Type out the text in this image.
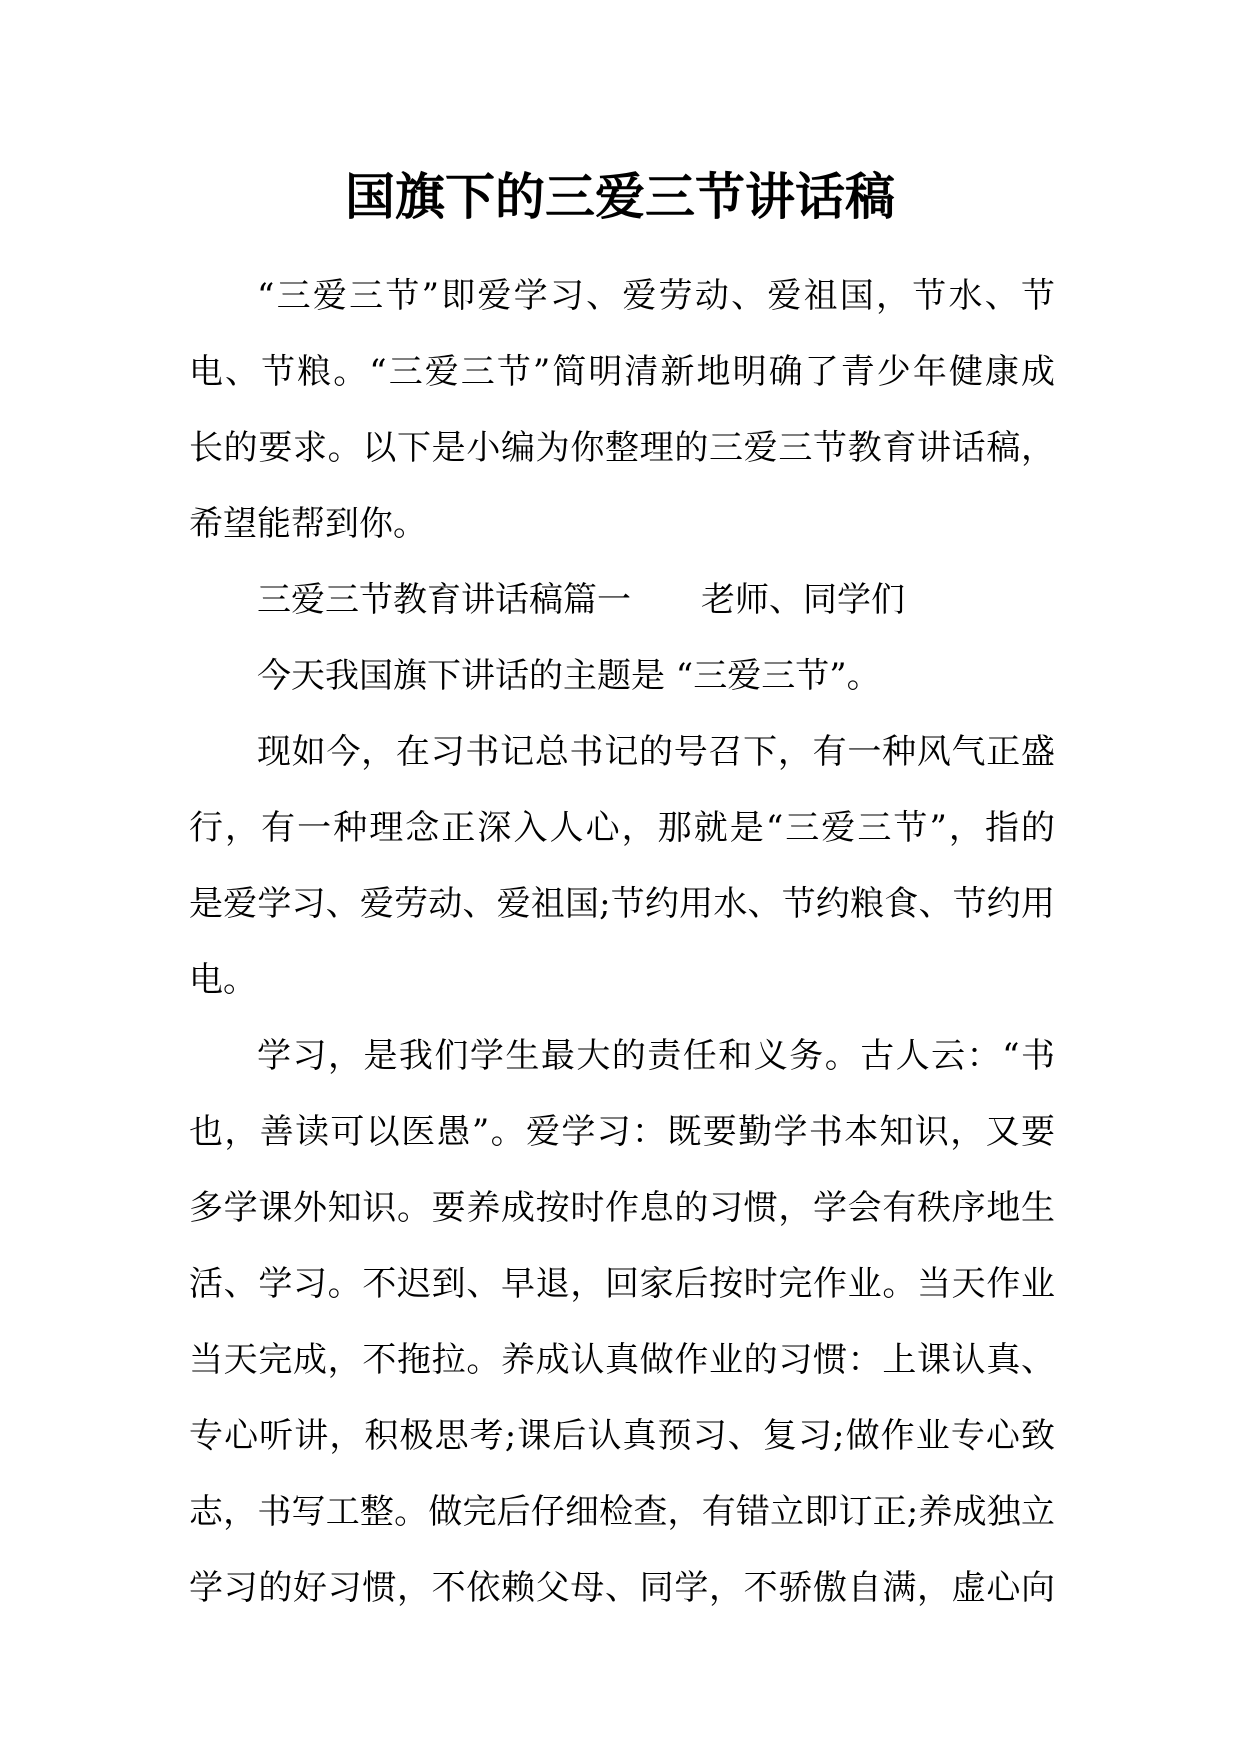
国旗下的三爱三节讲话稿
“三爱三节”即爱学习、爱劳动、爱祖国，节水、节
电、节粮。“三爱三节”简明清新地明确了青少年健康成
长的要求。以下是小编为你整理的三爱三节教育讲话稿，
希望能帮到你。
三爱三节教育讲话稿篇一 老师、同学们
今天我国旗下讲话的主题是 “三爱三节”。
现如今，在习书记总书记的号召下，有一种风气正盛
行，有一种理念正深入人心，那就是“三爱三节”，指的
是爱学习、爱劳动、爱祖国;节约用水、节约粮食、节约用
电。
学习，是我们学生最大的责任和义务。古人云：“书
也，善读可以医愚”。爱学习：既要勤学书本知识，又要
多学课外知识。要养成按时作息的习惯，学会有秩序地生
活、学习。不迟到、早退，回家后按时完作业。当天作业
当天完成，不拖拉。养成认真做作业的习惯：上课认真、
专心听讲，积极思考;课后认真预习、复习;做作业专心致
志，书写工整。做完后仔细检查，有错立即订正;养成独立
学习的好习惯，不依赖父母、同学，不骄傲自满，虚心向
